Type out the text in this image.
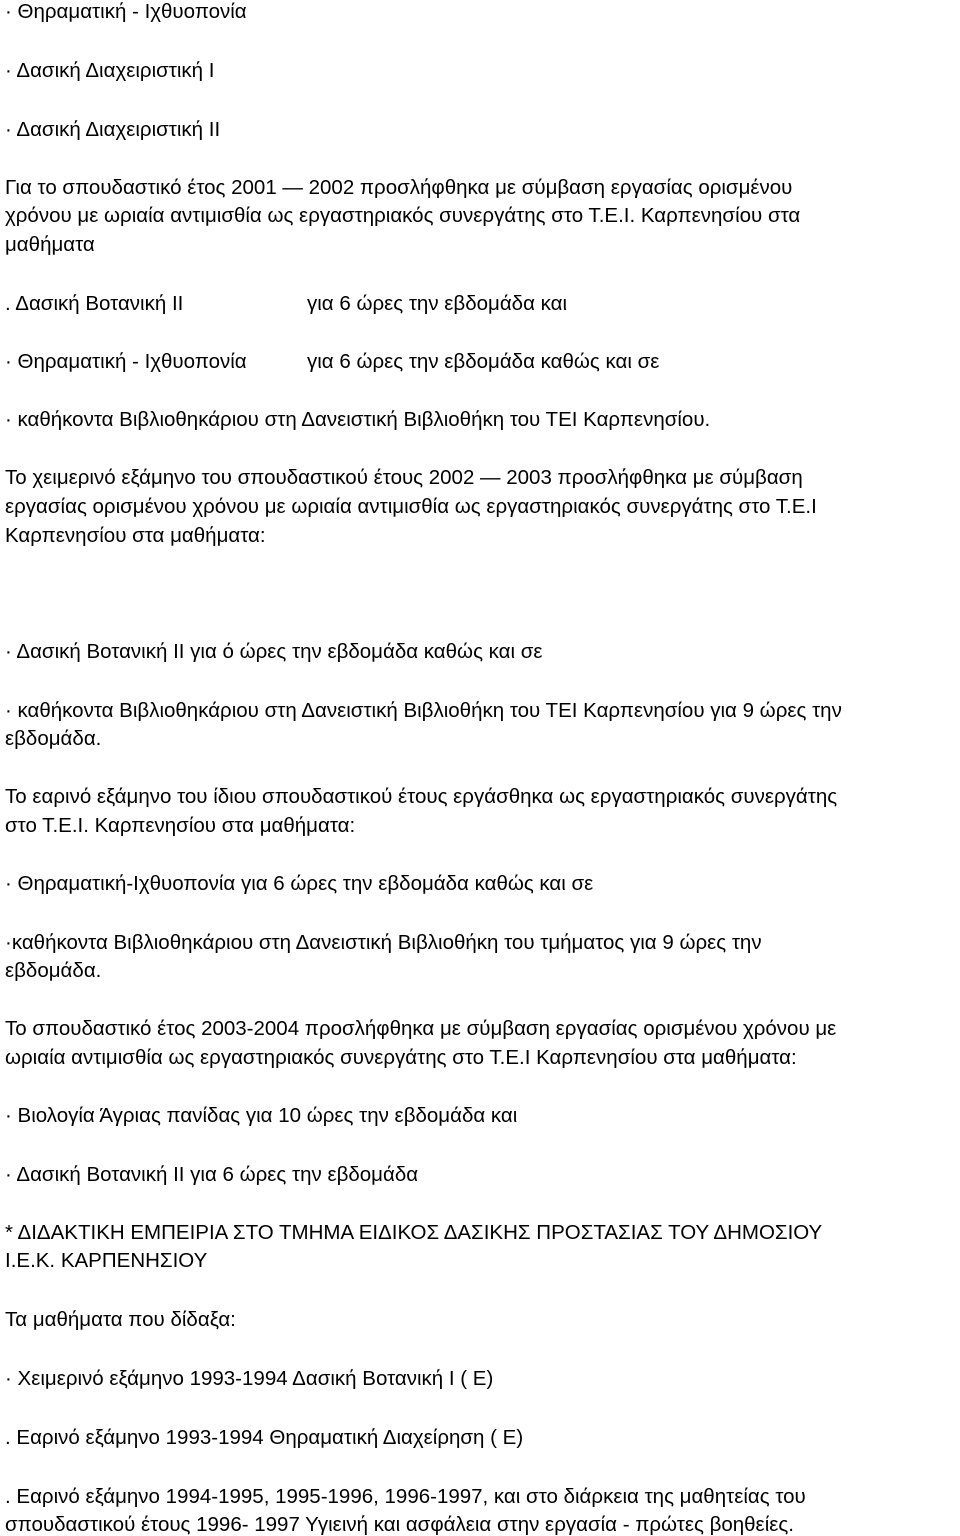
· Θηραματική - Ιχθυοπονία
· Δασική Διαχειριστική I
· Δασική Διαχειριστική II
Για το σπουδαστικό έτος 2001 — 2002 προσλήφθηκα με σύμβαση εργασίας ορισμένου
χρόνου με ωριαία αντιμισθία ως εργαστηριακός συνεργάτης στο Τ.Ε.Ι. Καρπενησίου στα
μαθήματα
. Δασική Βοτανική II	για 6 ώρες την εβδομάδα και
· Θηραματική - Ιχθυοπονία	για 6 ώρες την εβδομάδα καθώς και σε
· καθήκοντα Βιβλιοθηκάριου στη Δανειστική Βιβλιοθήκη του ΤΕΙ Καρπενησίου.
Το χειμερινό εξάμηνο του σπουδαστικού έτους 2002 — 2003 προσλήφθηκα με σύμβαση
εργασίας ορισμένου χρόνου με ωριαία αντιμισθία ως εργαστηριακός συνεργάτης στο Τ.Ε.Ι
Καρπενησίου στα μαθήματα:
· Δασική Βοτανική II για ό ώρες την εβδομάδα καθώς και σε
· καθήκοντα Βιβλιοθηκάριου στη Δανειστική Βιβλιοθήκη του ΤΕΙ Καρπενησίου για 9 ώρες την
εβδομάδα.
Το εαρινό εξάμηνο του ίδιου σπουδαστικού έτους εργάσθηκα ως εργαστηριακός συνεργάτης
στο Τ.Ε.Ι. Καρπενησίου στα μαθήματα:
· Θηραματική-Ιχθυοπονία για 6 ώρες την εβδομάδα καθώς και σε
·καθήκοντα Βιβλιοθηκάριου στη Δανειστική Βιβλιοθήκη του τμήματος για 9 ώρες την
εβδομάδα.
Το σπουδαστικό έτος 2003-2004 προσλήφθηκα με σύμβαση εργασίας ορισμένου χρόνου με
ωριαία αντιμισθία ως εργαστηριακός συνεργάτης στο Τ.Ε.Ι Καρπενησίου στα μαθήματα:
· Βιολογία Άγριας πανίδας για 10 ώρες την εβδομάδα και
· Δασική Βοτανική II για 6 ώρες την εβδομάδα
* ΔΙΔΑΚΤΙΚΗ ΕΜΠΕΙΡΙΑ ΣΤΟ ΤΜΗΜΑ ΕΙΔΙΚΟΣ ΔΑΣΙΚΗΣ ΠΡΟΣΤΑΣΙΑΣ ΤΟΥ ΔΗΜΟΣΙΟΥ
Ι.Ε.Κ. ΚΑΡΠΕΝΗΣΙΟΥ
Τα μαθήματα που δίδαξα:
· Χειμερινό εξάμηνο 1993-1994 Δασική Βοτανική I ( Ε)
. Εαρινό εξάμηνο 1993-1994 Θηραματική Διαχείρηση ( Ε)
. Εαρινό εξάμηνο 1994-1995, 1995-1996, 1996-1997, και στο διάρκεια της μαθητείας του
σπουδαστικού έτους 1996- 1997 Υγιεινή και ασφάλεια στην εργασία - πρώτες βοηθείες.
